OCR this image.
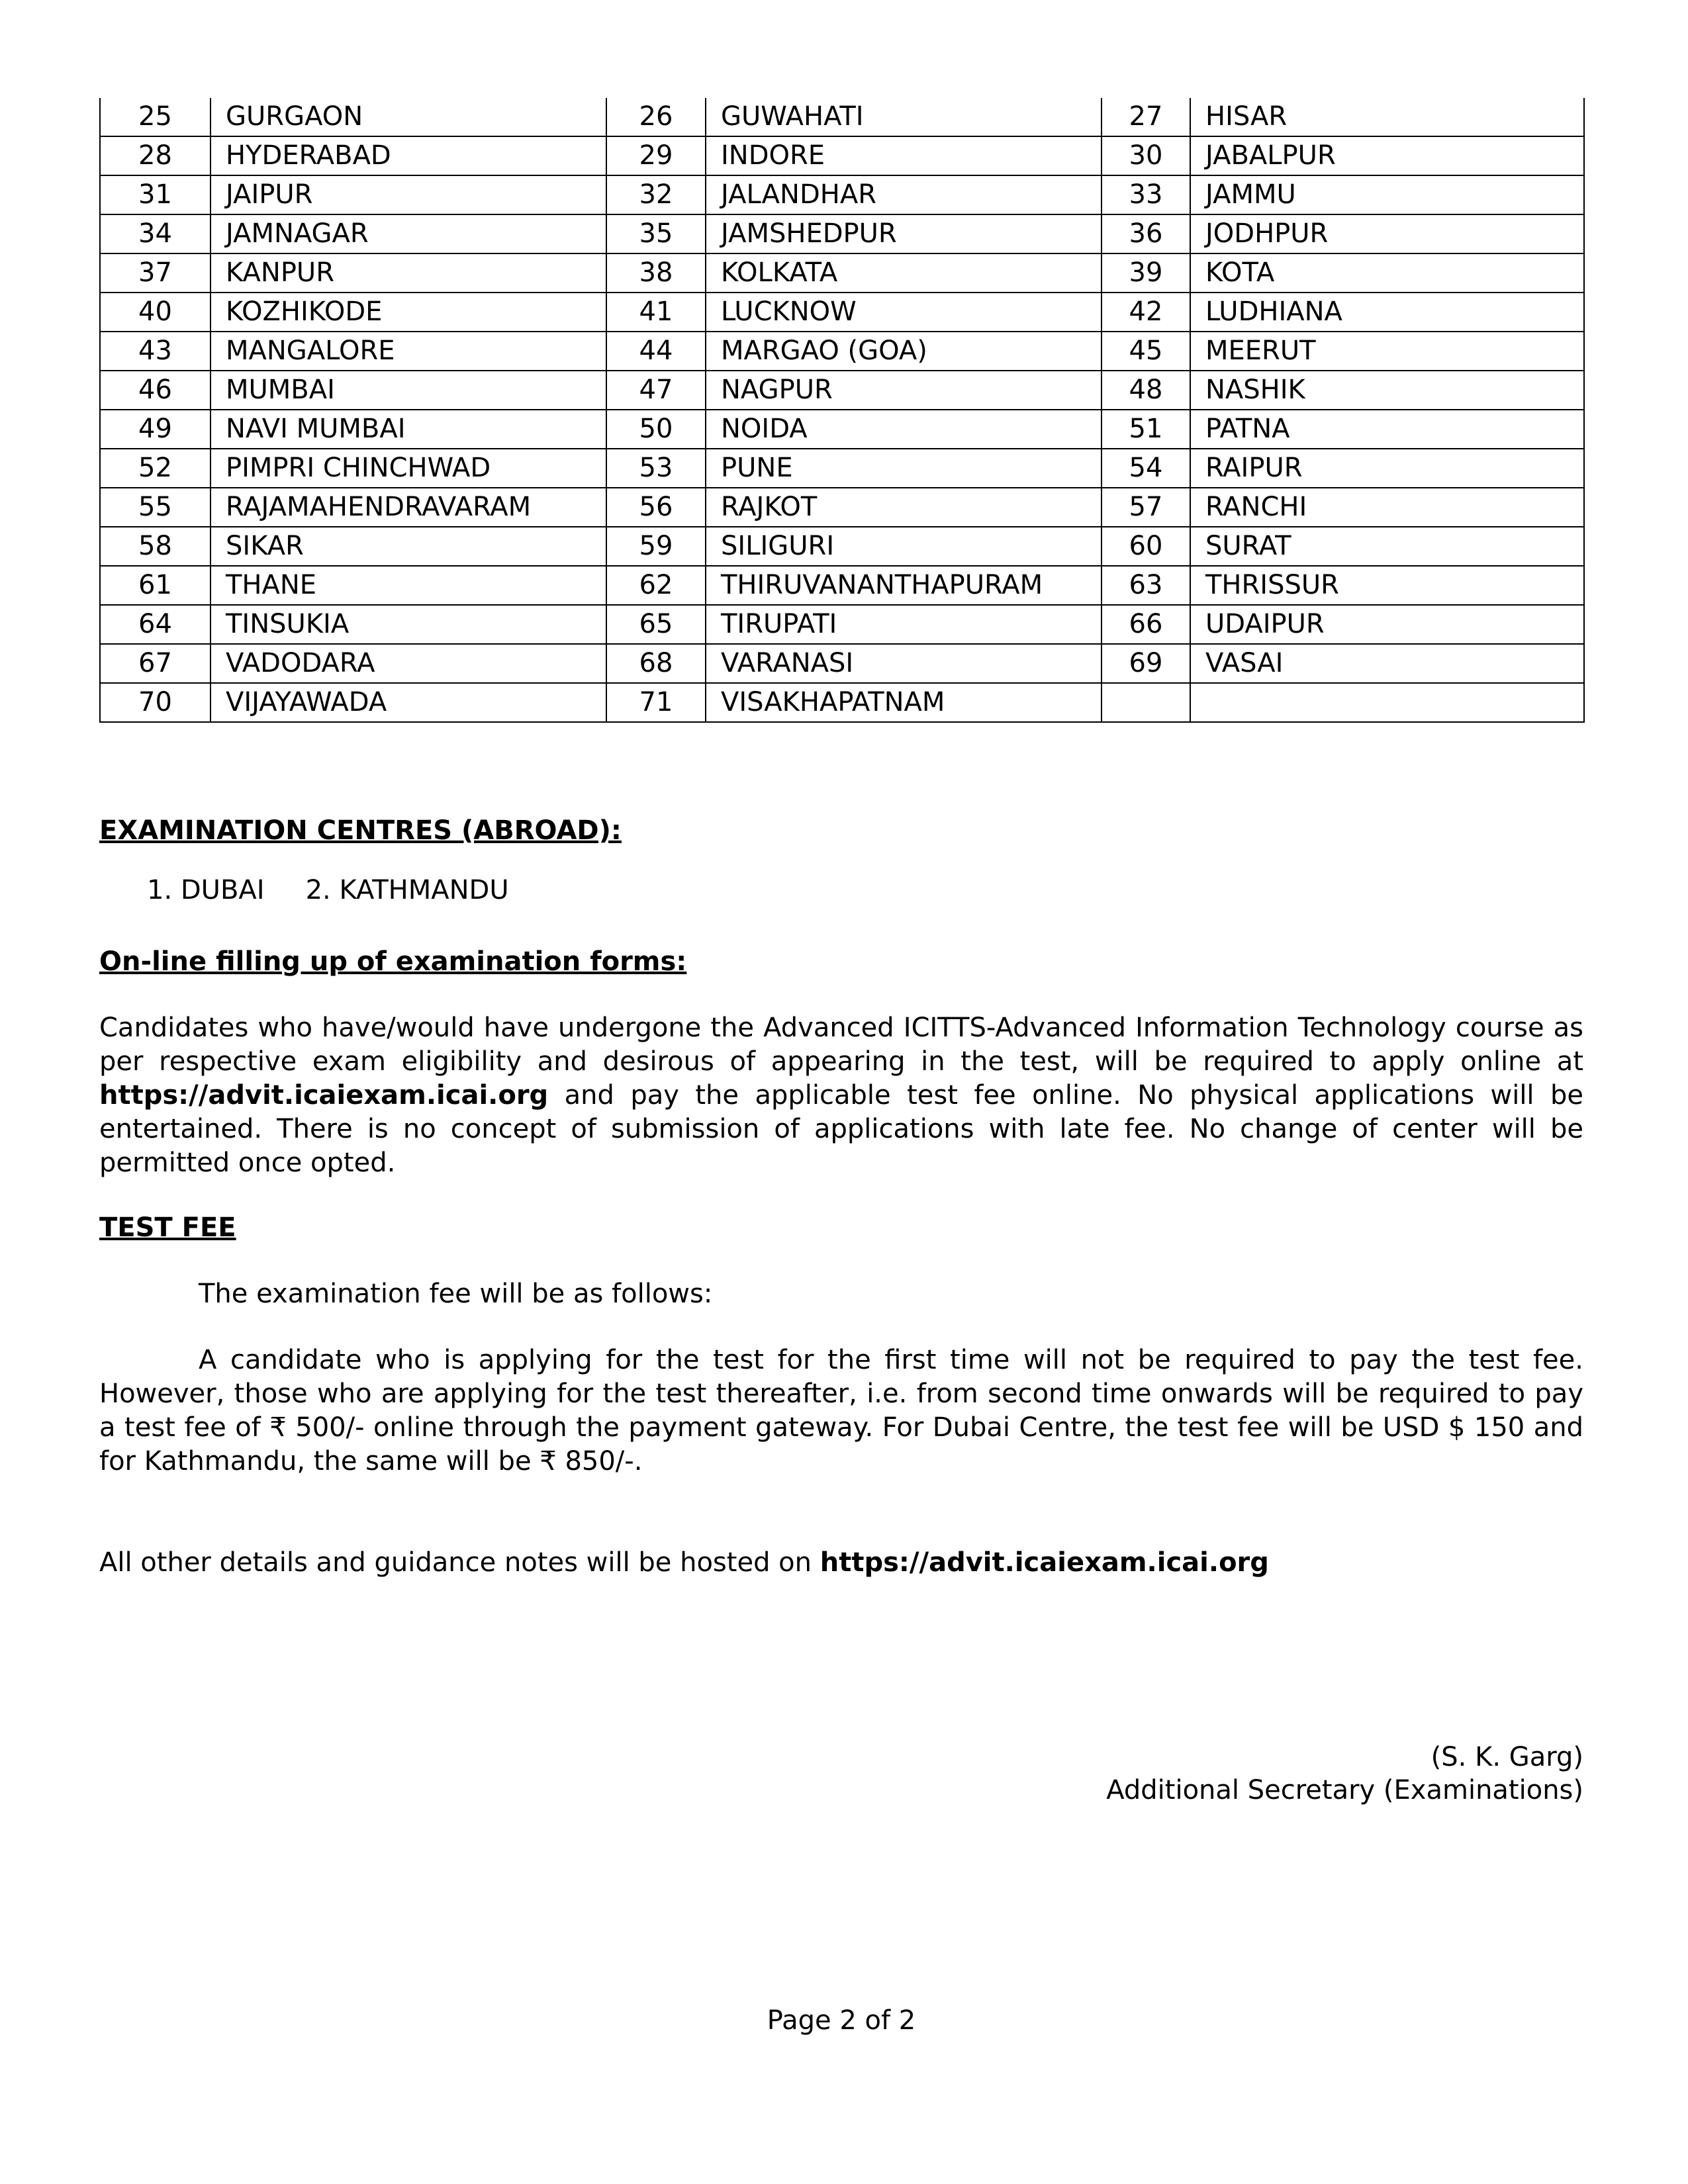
25	GURGAON	26	GUWAHATI	27	HISAR
28	HYDERABAD	29	INDORE	30	JABALPUR
31	JAIPUR	32	JALANDHAR	33	JAMMU
34	JAMNAGAR	35	JAMSHEDPUR	36	JODHPUR
37	KANPUR	38	KOLKATA	39	KOTA
40	KOZHIKODE	41	LUCKNOW	42	LUDHIANA
43	MANGALORE	44	MARGAO (GOA)	45	MEERUT
46	MUMBAI	47	NAGPUR	48	NASHIK
49	NAVI MUMBAI	50	NOIDA	51	PATNA
52	PIMPRI CHINCHWAD	53	PUNE	54	RAIPUR
55	RAJAMAHENDRAVARAM	56	RAJKOT	57	RANCHI
58	SIKAR	59	SILIGURI	60	SURAT
61	THANE	62	THIRUVANANTHAPURAM	63	THRISSUR
64	TINSUKIA	65	TIRUPATI	66	UDAIPUR
67	VADODARA	68	VARANASI	69	VASAI
70	VIJAYAWADA	71	VISAKHAPATNAM		
EXAMINATION CENTRES (ABROAD):
1. DUBAI 2. KATHMANDU
On-line filling up of examination forms:
Candidates who have/would have undergone the Advanced ICITTS-Advanced Information Technology course as per respective exam eligibility and desirous of appearing in the test, will be required to apply online at https://advit.icaiexam.icai.org and pay the applicable test fee online. No physical applications will be entertained. There is no concept of submission of applications with late fee. No change of center will be permitted once opted.
TEST FEE
The examination fee will be as follows:
A candidate who is applying for the test for the first time will not be required to pay the test fee. However, those who are applying for the test thereafter, i.e. from second time onwards will be required to pay a test fee of ₹ 500/- online through the payment gateway. For Dubai Centre, the test fee will be USD $ 150 and for Kathmandu, the same will be ₹ 850/-.
All other details and guidance notes will be hosted on https://advit.icaiexam.icai.org
(S. K. Garg)
Additional Secretary (Examinations)
Page 2 of 2
